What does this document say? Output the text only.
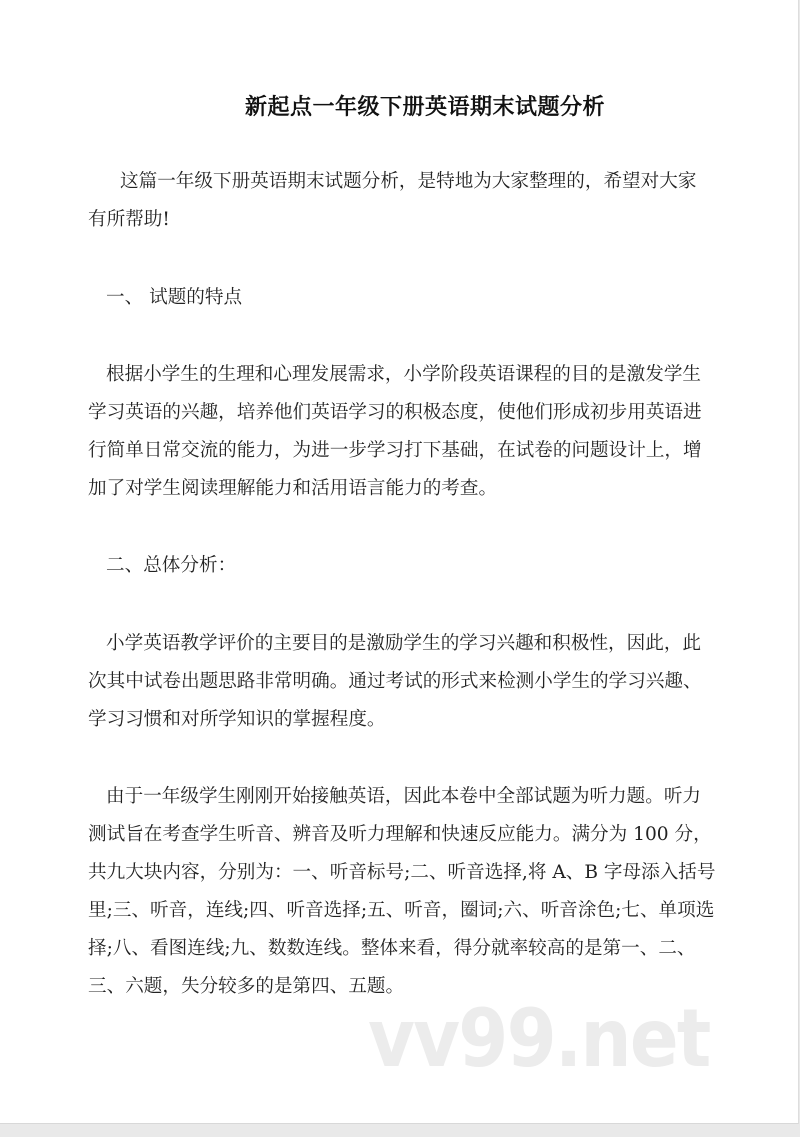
新起点一年级下册英语期末试题分析
这篇一年级下册英语期末试题分析，是特地为大家整理的，希望对大家
有所帮助!
一、 试题的特点
根据小学生的生理和心理发展需求，小学阶段英语课程的目的是激发学生
学习英语的兴趣，培养他们英语学习的积极态度，使他们形成初步用英语进
行简单日常交流的能力，为进一步学习打下基础，在试卷的问题设计上，增
加了对学生阅读理解能力和活用语言能力的考查。
二、总体分析：
小学英语教学评价的主要目的是激励学生的学习兴趣和积极性，因此，此
次其中试卷出题思路非常明确。通过考试的形式来检测小学生的学习兴趣、
学习习惯和对所学知识的掌握程度。
由于一年级学生刚刚开始接触英语，因此本卷中全部试题为听力题。听力
测试旨在考查学生听音、辨音及听力理解和快速反应能力。满分为 100 分，
共九大块内容，分别为：一、听音标号;二、听音选择,将 A、B 字母添入括号
里;三、听音，连线;四、听音选择;五、听音，圈词;六、听音涂色;七、单项选
择;八、看图连线;九、数数连线。整体来看，得分就率较高的是第一、二、
三、六题，失分较多的是第四、五题。
vv99.net
